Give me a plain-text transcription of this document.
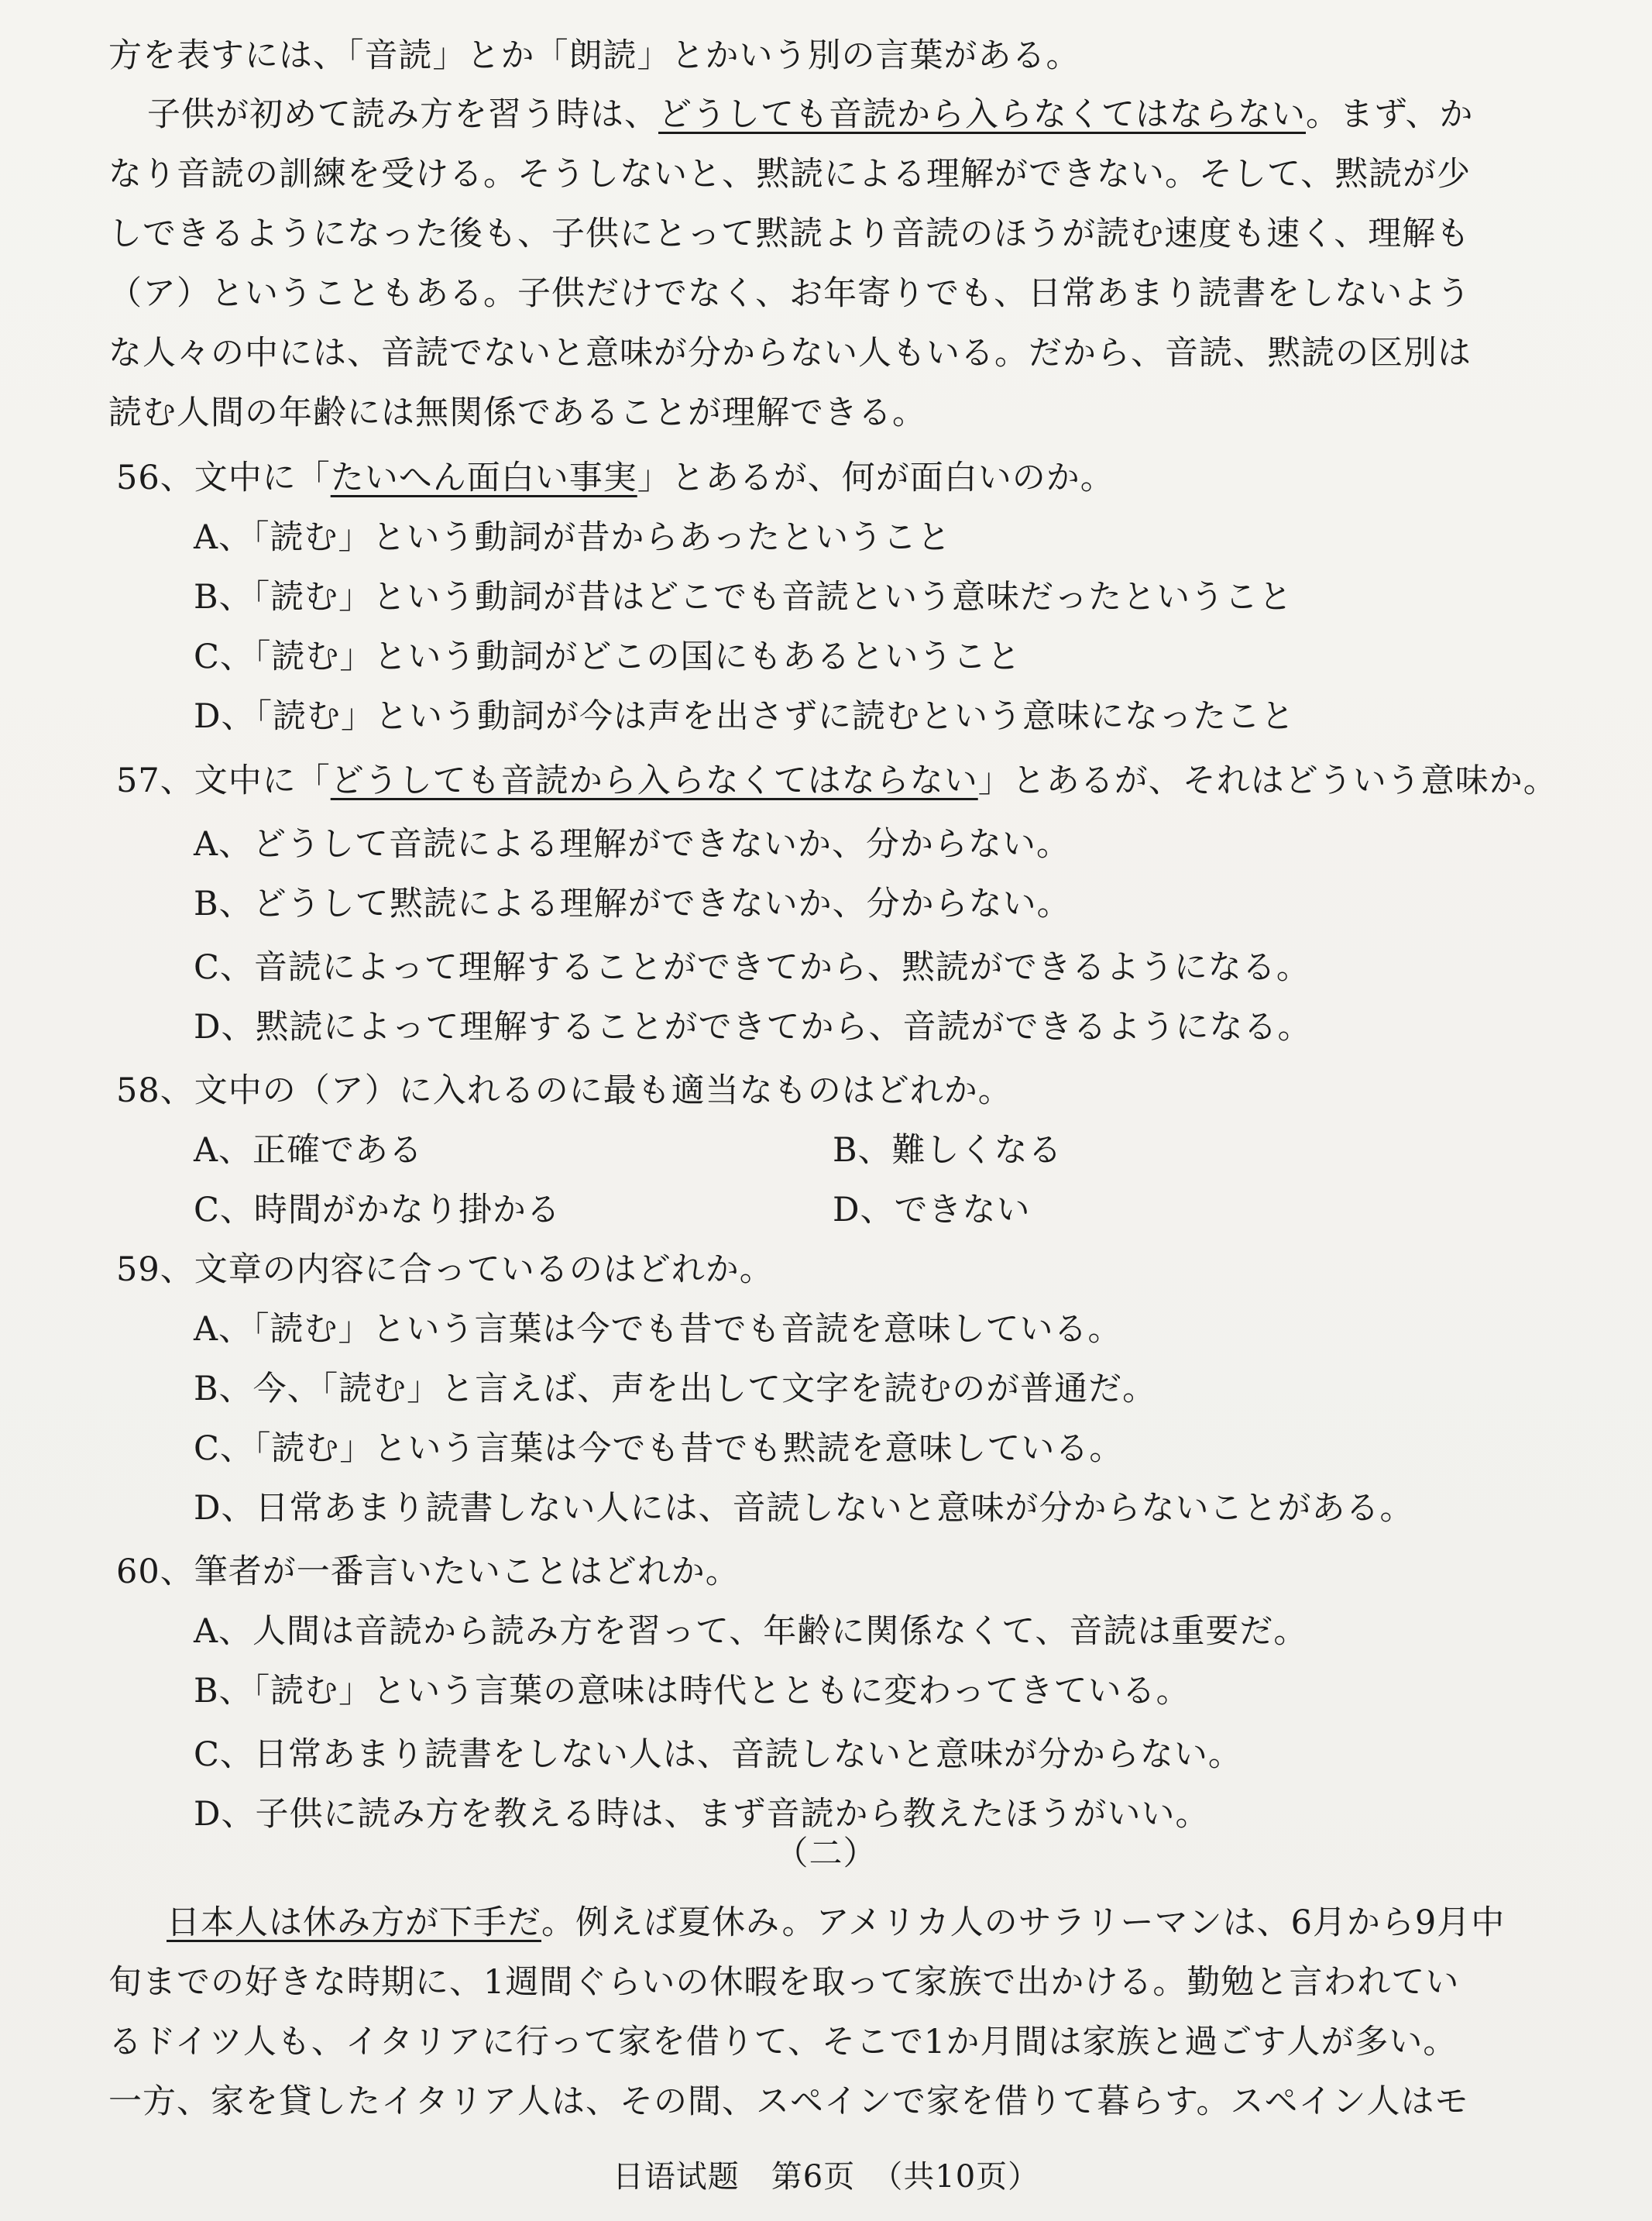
方を表すには、「音読」とか「朗読」とかいう別の言葉がある。
子供が初めて読み方を習う時は、どうしても音読から入らなくてはならない。まず、か
なり音読の訓練を受ける。そうしないと、黙読による理解ができない。そして、黙読が少
しできるようになった後も、子供にとって黙読より音読のほうが読む速度も速く、理解も
（ア）ということもある。子供だけでなく、お年寄りでも、日常あまり読書をしないよう
な人々の中には、音読でないと意味が分からない人もいる。だから、音読、黙読の区別は
読む人間の年齢には無関係であることが理解できる。
56、文中に「たいへん面白い事実」とあるが、何が面白いのか。
A、「読む」という動詞が昔からあったということ
B、「読む」という動詞が昔はどこでも音読という意味だったということ
C、「読む」という動詞がどこの国にもあるということ
D、「読む」という動詞が今は声を出さずに読むという意味になったこと
57、文中に「どうしても音読から入らなくてはならない」とあるが、それはどういう意味か。
A、どうして音読による理解ができないか、分からない。
B、どうして黙読による理解ができないか、分からない。
C、音読によって理解することができてから、黙読ができるようになる。
D、黙読によって理解することができてから、音読ができるようになる。
58、文中の（ア）に入れるのに最も適当なものはどれか。
A、正確である	B、難しくなる
C、時間がかなり掛かる	D、できない
59、文章の内容に合っているのはどれか。
A、「読む」という言葉は今でも昔でも音読を意味している。
B、今、「読む」と言えば、声を出して文字を読むのが普通だ。
C、「読む」という言葉は今でも昔でも黙読を意味している。
D、日常あまり読書しない人には、音読しないと意味が分からないことがある。
60、筆者が一番言いたいことはどれか。
A、人間は音読から読み方を習って、年齢に関係なくて、音読は重要だ。
B、「読む」という言葉の意味は時代とともに変わってきている。
C、日常あまり読書をしない人は、音読しないと意味が分からない。
D、子供に読み方を教える時は、まず音読から教えたほうがいい。
（二）
日本人は休み方が下手だ。例えば夏休み。アメリカ人のサラリーマンは、6月から9月中
旬までの好きな時期に、1週間ぐらいの休暇を取って家族で出かける。勤勉と言われてい
るドイツ人も、イタリアに行って家を借りて、そこで1か月間は家族と過ごす人が多い。
一方、家を貸したイタリア人は、その間、スペインで家を借りて暮らす。スペイン人はモ
日语试题　第6页　（共10页）
